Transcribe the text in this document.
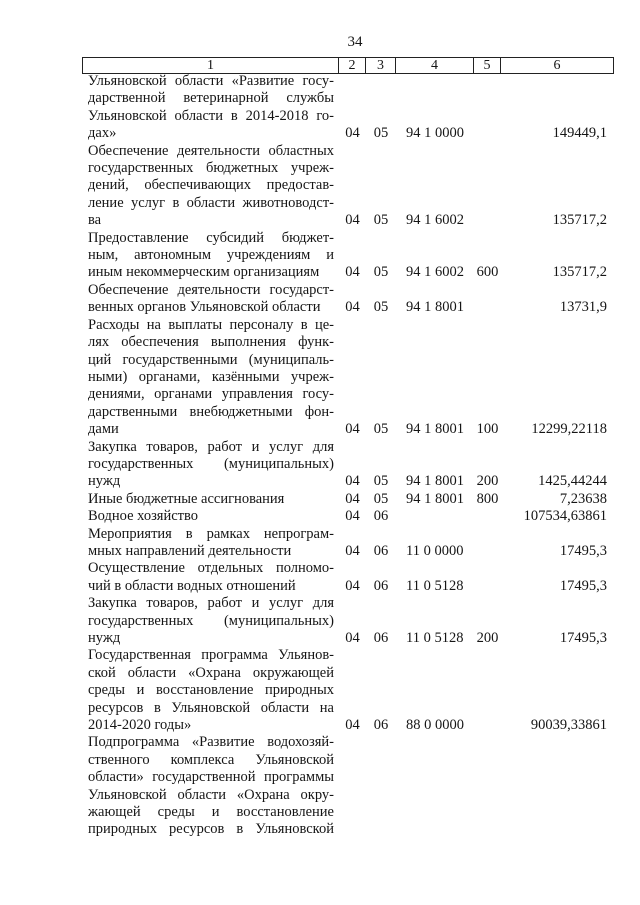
34
1	2	3	4	5	6
Ульяновской области «Развитие госу-
дарственной ветеринарной службы
Ульяновской области в 2014-2018 го-
дах»	04 05	94 1 0000	149449,1
Обеспечение деятельности областных
государственных бюджетных учреж-
дений, обеспечивающих предостав-
ление услуг в области животноводст-
ва	04 05	94 1 6002	135717,2
Предоставление субсидий бюджет-
ным, автономным учреждениям и
иным некоммерческим организациям	04 05	94 1 6002 600	135717,2
Обеспечение деятельности государст-
венных органов Ульяновской области	04 05	94 1 8001	13731,9
Расходы на выплаты персоналу в це-
лях обеспечения выполнения функ-
ций государственными (муниципаль-
ными) органами, казёнными учреж-
дениями, органами управления госу-
дарственными внебюджетными фон-
дами	04 05	94 1 8001 100	12299,22118
Закупка товаров, работ и услуг для
государственных (муниципальных)
нужд	04 05	94 1 8001 200	1425,44244
Иные бюджетные ассигнования	04 05	94 1 8001 800	7,23638
Водное хозяйство	04 06	107534,63861
Мероприятия в рамках непрограм-
мных направлений деятельности	04 06	11 0 0000	17495,3
Осуществление отдельных полномо-
чий в области водных отношений	04 06	11 0 5128	17495,3
Закупка товаров, работ и услуг для
государственных (муниципальных)
нужд	04 06	11 0 5128 200	17495,3
Государственная программа Ульянов-
ской области «Охрана окружающей
среды и восстановление природных
ресурсов в Ульяновской области на
2014-2020 годы»	04 06	88 0 0000	90039,33861
Подпрограмма «Развитие водохозяй-
ственного комплекса Ульяновской
области» государственной программы
Ульяновской области «Охрана окру-
жающей среды и восстановление
природных ресурсов в Ульяновской
